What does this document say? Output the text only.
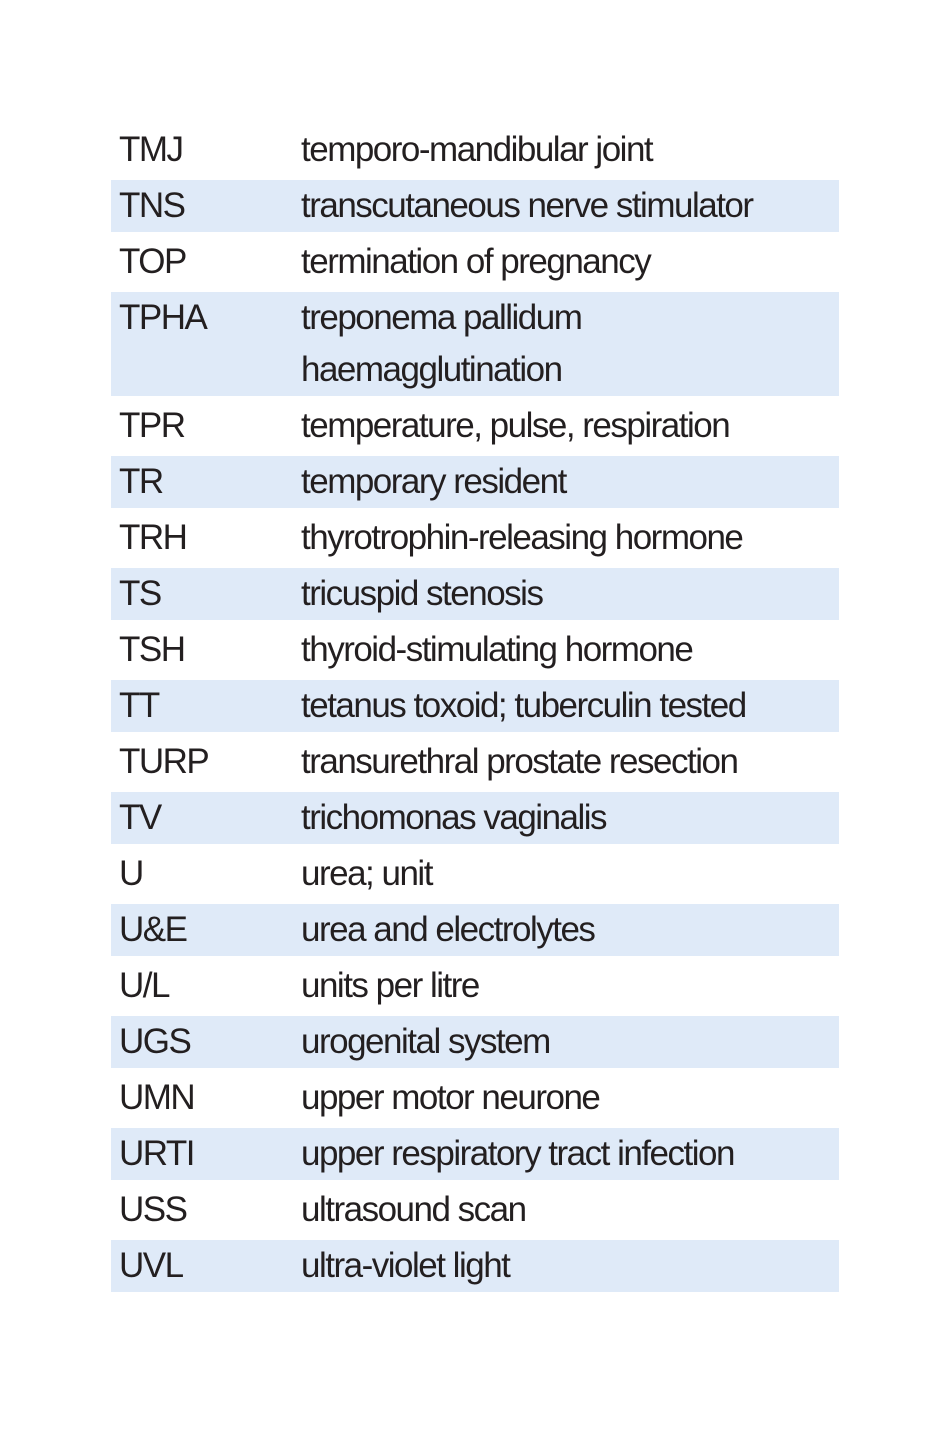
TMJ	temporo-mandibular joint
TNS	transcutaneous nerve stimulator
TOP	termination of pregnancy
TPHA	treponema pallidum
haemagglutination
TPR	temperature, pulse, respiration
TR	temporary resident
TRH	thyrotrophin-releasing hormone
TS	tricuspid stenosis
TSH	thyroid-stimulating hormone
TT	tetanus toxoid; tuberculin tested
TURP	transurethral prostate resection
TV	trichomonas vaginalis
U	urea; unit
U&E	urea and electrolytes
U/L	units per litre
UGS	urogenital system
UMN	upper motor neurone
URTI	upper respiratory tract infection
USS	ultrasound scan
UVL	ultra-violet light
